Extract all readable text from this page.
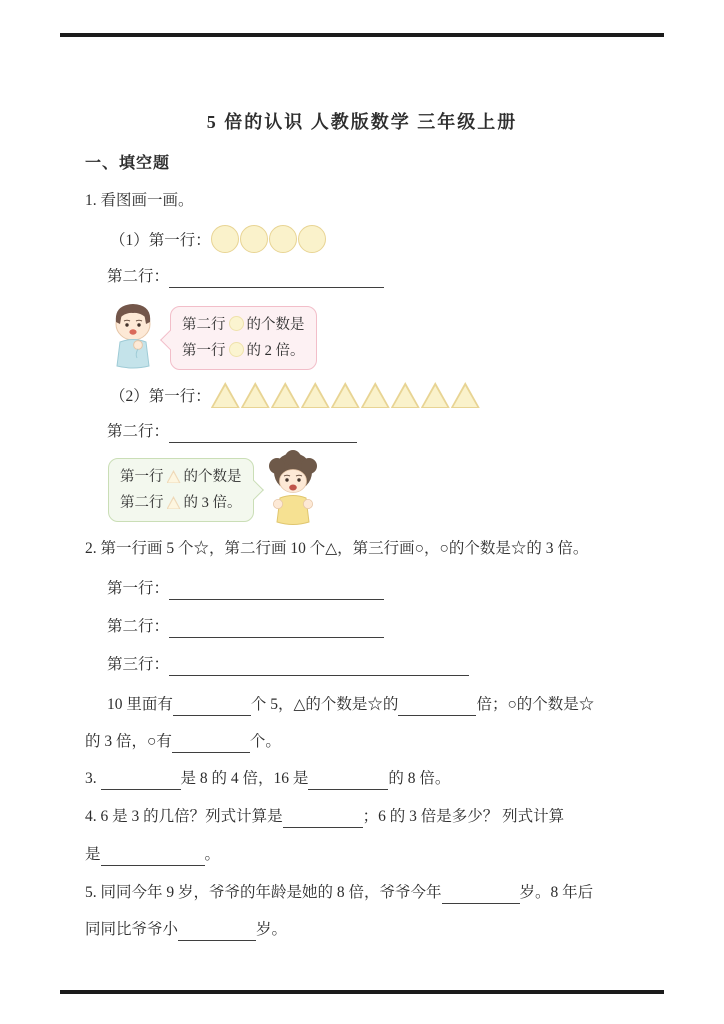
5 倍的认识 人教版数学 三年级上册
一、填空题
1. 看图画一画。
（1）第一行：
第二行：
第二行 的个数是
第一行 的 2 倍。
（2）第一行：
第二行：
第一行 的个数是
第二行 的 3 倍。
2. 第一行画 5 个☆，第二行画 10 个△，第三行画○，○的个数是☆的 3 倍。
第一行：
第二行：
第三行：
10 里面有	个 5，△的个数是☆的	倍；○的个数是☆
的 3 倍，○有	个。
3.	是 8 的 4 倍，16 是	的 8 倍。
4. 6 是 3 的几倍？列式计算是	；6 的 3 倍是多少？ 列式计算
是	。
5. 同同今年 9 岁，爷爷的年龄是她的 8 倍，爷爷今年	岁。8 年后
同同比爷爷小	岁。
